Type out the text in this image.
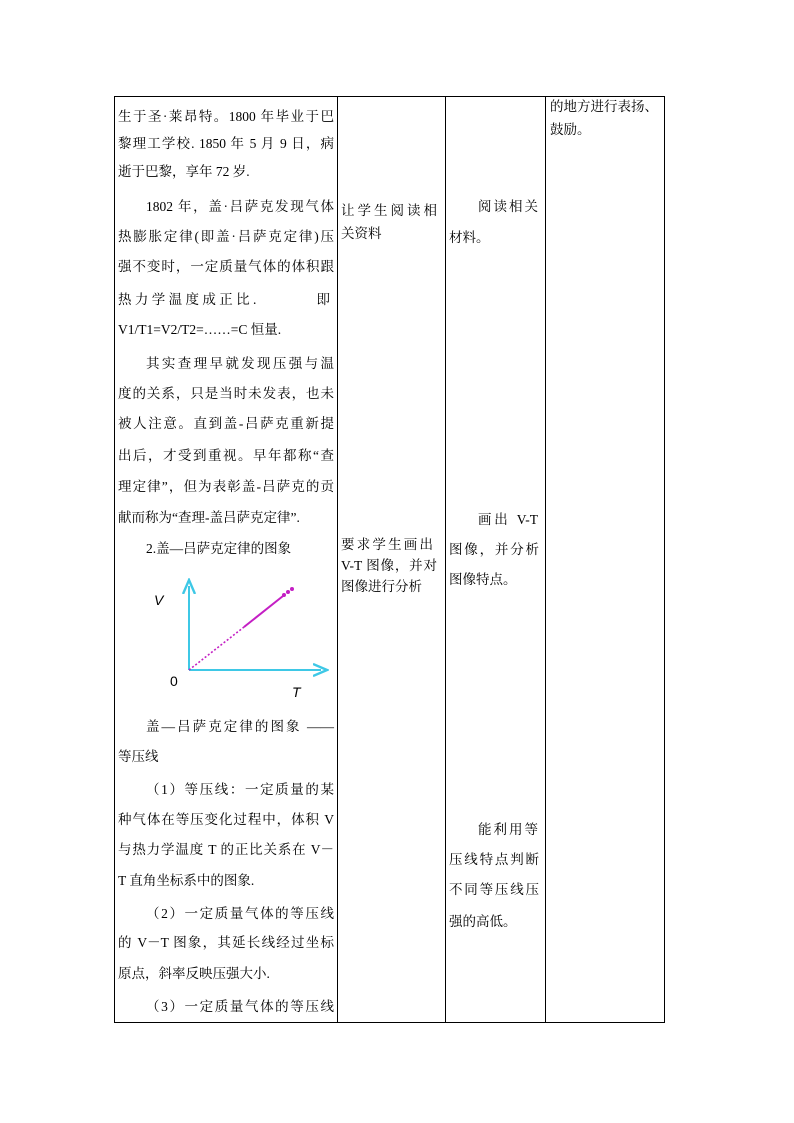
生于圣·莱昂特。1800 年毕业于巴
黎理工学校. 1850 年 5 月 9 日，病
逝于巴黎，享年 72 岁.
1802 年，盖·吕萨克发现气体
热膨胀定律(即盖·吕萨克定律)压
强不变时，一定质量气体的体积跟
热 力 学 温 度 成 正 比 .	即
V1/T1=V2/T2=……=C 恒量.
其实查理早就发现压强与温
度的关系，只是当时未发表，也未
被人注意。直到盖-吕萨克重新提
出后，才受到重视。早年都称“查
理定律”，但为表彰盖-吕萨克的贡
献而称为“查理-盖吕萨克定律”.
2.盖—吕萨克定律的图象
V
0
T
盖—吕萨克定律的图象 ——
等压线
（1）等压线：一定质量的某
种气体在等压变化过程中，体积 V
与热力学温度 T 的正比关系在 V－
T 直角坐标系中的图象.
（2）一定质量气体的等压线
的 V－T 图象，其延长线经过坐标
原点，斜率反映压强大小.
（3）一定质量气体的等压线
让学生阅读相
关资料
要求学生画出
V-T 图像，并对
图像进行分析
阅读相关
材料。
画出 V-T
图像，并分析
图像特点。
能利用等
压线特点判断
不同等压线压
强的高低。
的地方进行表扬、
鼓励。
